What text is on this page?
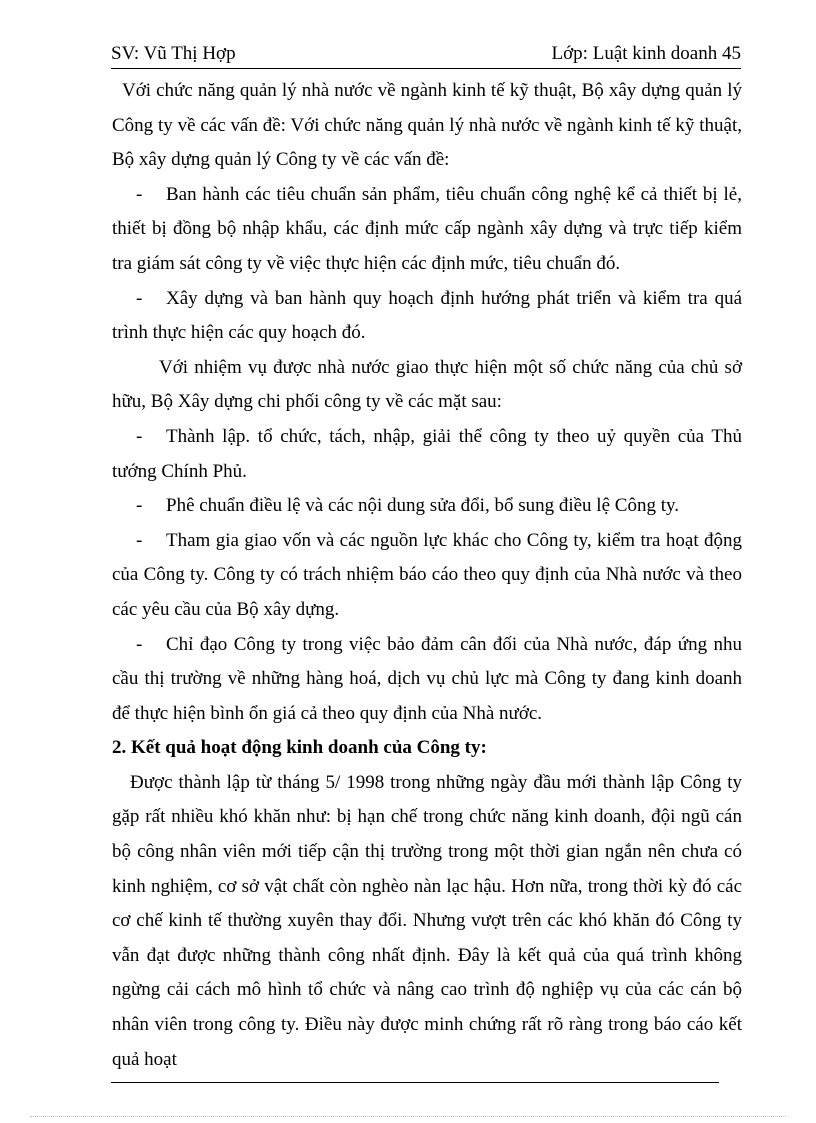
SV: Vũ Thị Hợp	Lớp: Luật kinh doanh 45

Với chức năng quản lý nhà nước về ngành kinh tế kỹ thuật, Bộ xây dựng quản lý Công ty về các vấn đề: Với chức năng quản lý nhà nước về ngành kinh tế kỹ thuật, Bộ xây dựng quản lý Công ty về các vấn đề:

- Ban hành các tiêu chuẩn sản phẩm, tiêu chuẩn công nghệ kể cả thiết bị lẻ, thiết bị đồng bộ nhập khẩu, các định mức cấp ngành xây dựng và trực tiếp kiểm tra giám sát công ty về việc thực hiện các định mức, tiêu chuẩn đó.

- Xây dựng và ban hành quy hoạch định hướng phát triển và kiểm tra quá trình thực hiện các quy hoạch đó.

Với nhiệm vụ được nhà nước giao thực hiện một số chức năng của chủ sở hữu, Bộ Xây dựng chi phối công ty về các mặt sau:

- Thành lập. tổ chức, tách, nhập, giải thể công ty theo uỷ quyền của Thủ tướng Chính Phủ.

- Phê chuẩn điều lệ và các nội dung sửa đổi, bổ sung điều lệ Công ty.

- Tham gia giao vốn và các nguồn lực khác cho Công ty, kiểm tra hoạt động của Công ty. Công ty có trách nhiệm báo cáo theo quy định của Nhà nước và theo các yêu cầu của Bộ xây dựng.

- Chỉ đạo Công ty trong việc bảo đảm cân đối của Nhà nước, đáp ứng nhu cầu thị trường về những hàng hoá, dịch vụ chủ lực mà Công ty đang kinh doanh để thực hiện bình ổn giá cả theo quy định của Nhà nước.

2. Kết quả hoạt động kinh doanh của Công ty:

Được thành lập từ tháng 5/ 1998 trong những ngày đầu mới thành lập Công ty gặp rất nhiều khó khăn như: bị hạn chế trong chức năng kinh doanh, đội ngũ cán bộ công nhân viên mới tiếp cận thị trường trong một thời gian ngắn nên chưa có kinh nghiệm, cơ sở vật chất còn nghèo nàn lạc hậu. Hơn nữa, trong thời kỳ đó các cơ chế kinh tế thường xuyên thay đổi. Nhưng vượt trên các khó khăn đó Công ty vẫn đạt được những thành công nhất định. Đây là kết quả của quá trình không ngừng cải cách mô hình tổ chức và nâng cao trình độ nghiệp vụ của các cán bộ nhân viên trong công ty. Điều này được minh chứng rất rõ ràng trong báo cáo kết quả hoạt
